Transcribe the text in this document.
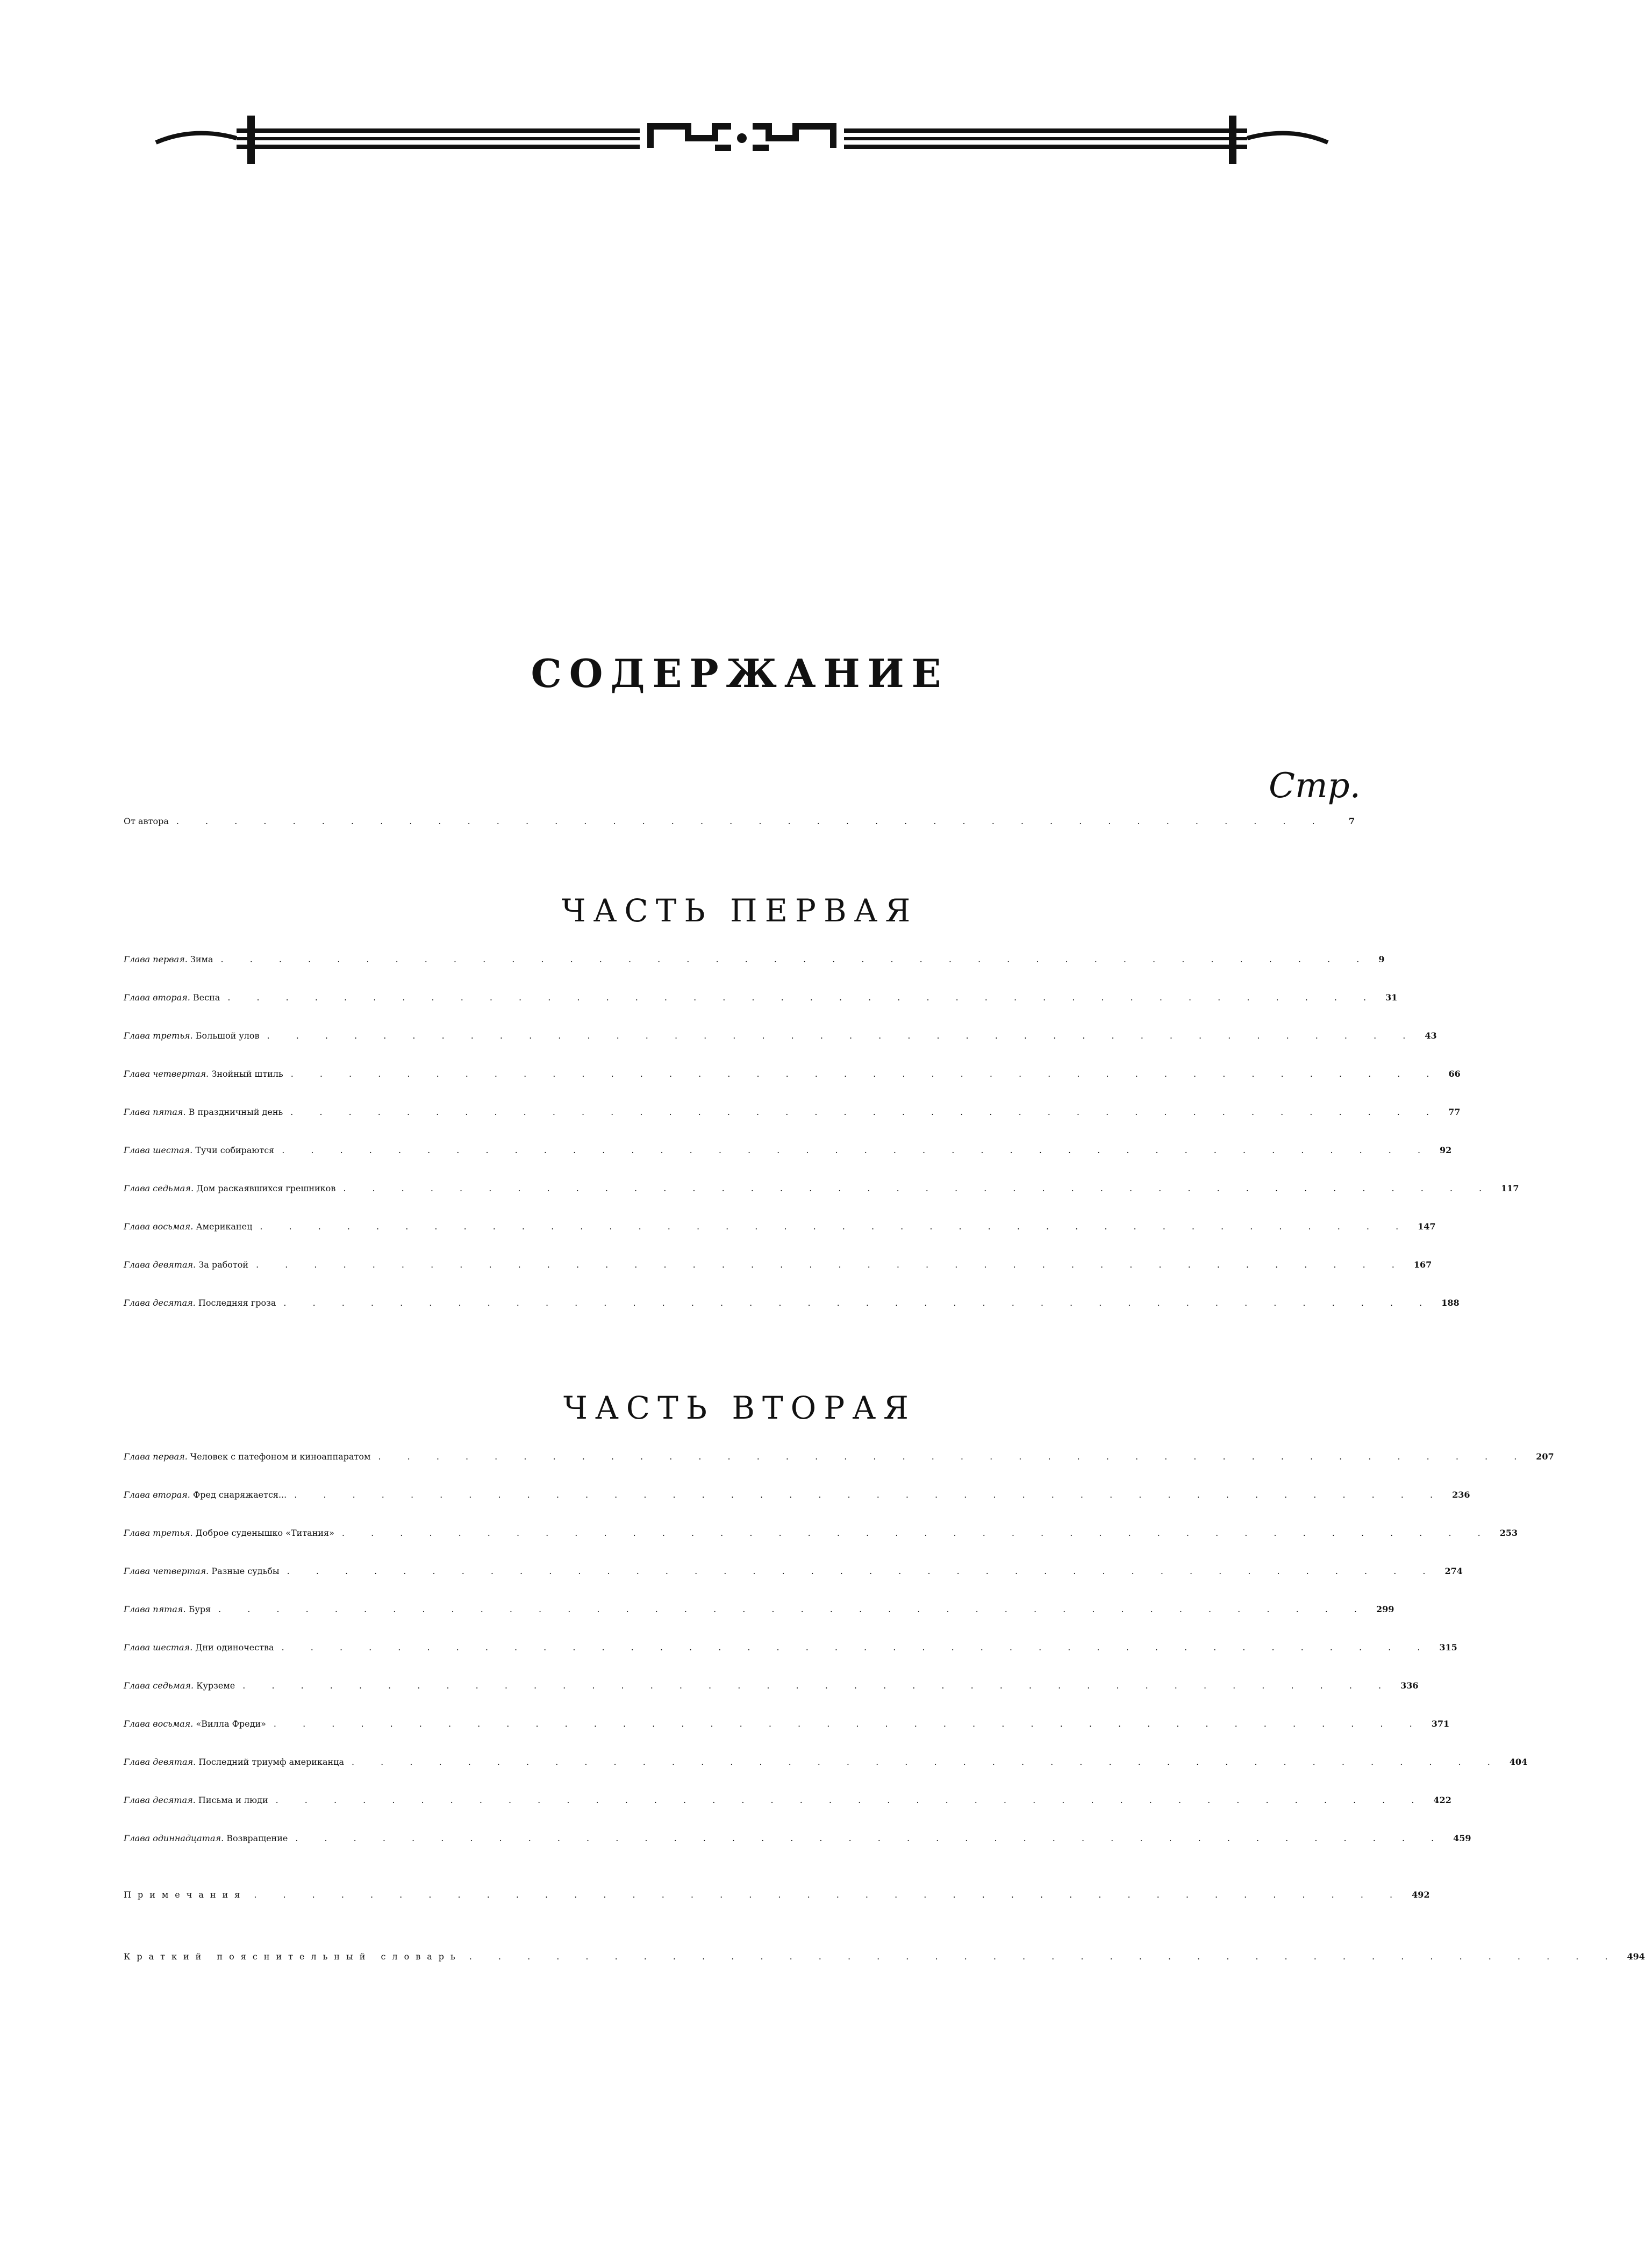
СОДЕРЖАНИЕ
Стр.
От автора . . . . . . . . . . . . . . . . . . . . . . . . . . . . . . . . . . . . . . . .	7
ЧАСТЬ ПЕРВАЯ
Глава первая. Зима . . . . . . . . . . . . . . . . . . . . . . . . . . . . . . . . . . . . . . . . 9
Глава вторая. Весна . . . . . . . . . . . . . . . . . . . . . . . . . . . . . . . . . . . . . . . . 31
Глава третья. Большой улов . . . . . . . . . . . . . . . . . . . . . . . . . . . . . . . . . . . . . . . . 43
Глава четвертая. Знойный штиль . . . . . . . . . . . . . . . . . . . . . . . . . . . . . . . . . . . . . . . . 66
Глава пятая. В праздничный день . . . . . . . . . . . . . . . . . . . . . . . . . . . . . . . . . . . . . . . . 77
Глава шестая. Тучи собираются . . . . . . . . . . . . . . . . . . . . . . . . . . . . . . . . . . . . . . . . 92
Глава седьмая. Дом раскаявшихся грешников . . . . . . . . . . . . . . . . . . . . . . . . . . . . . . . . . . . . . . . . 117
Глава восьмая. Американец . . . . . . . . . . . . . . . . . . . . . . . . . . . . . . . . . . . . . . . . 147
Глава девятая. За работой . . . . . . . . . . . . . . . . . . . . . . . . . . . . . . . . . . . . . . . . 167
Глава десятая. Последняя гроза . . . . . . . . . . . . . . . . . . . . . . . . . . . . . . . . . . . . . . . . 188
ЧАСТЬ ВТОРАЯ
Глава первая. Человек с патефоном и киноаппаратом . . . . . . . . . . . . . . . . . . . . . . . . . . . . . . . . . . . . . . . . 207
Глава вторая. Фред снаряжается... . . . . . . . . . . . . . . . . . . . . . . . . . . . . . . . . . . . . . . . . 236
Глава третья. Доброе суденышко «Титания» . . . . . . . . . . . . . . . . . . . . . . . . . . . . . . . . . . . . . . . . 253
Глава четвертая. Разные судьбы . . . . . . . . . . . . . . . . . . . . . . . . . . . . . . . . . . . . . . . . 274
Глава пятая. Буря . . . . . . . . . . . . . . . . . . . . . . . . . . . . . . . . . . . . . . . . 299
Глава шестая. Дни одиночества . . . . . . . . . . . . . . . . . . . . . . . . . . . . . . . . . . . . . . . . 315
Глава седьмая. Курземе . . . . . . . . . . . . . . . . . . . . . . . . . . . . . . . . . . . . . . . . 336
Глава восьмая. «Вилла Фреди» . . . . . . . . . . . . . . . . . . . . . . . . . . . . . . . . . . . . . . . . 371
Глава девятая. Последний триумф американца . . . . . . . . . . . . . . . . . . . . . . . . . . . . . . . . . . . . . . . . 404
Глава десятая. Письма и люди . . . . . . . . . . . . . . . . . . . . . . . . . . . . . . . . . . . . . . . . 422
Глава одиннадцатая. Возвращение . . . . . . . . . . . . . . . . . . . . . . . . . . . . . . . . . . . . . . . . 459
Примечания . . . . . . . . . . . . . . . . . . . . . . . . . . . . . . . . . . . . . . . . 492
Краткий пояснительный словарь . . . . . . . . . . . . . . . . . . . . . . . . . . . . . . . . . . . . . . . . 494
